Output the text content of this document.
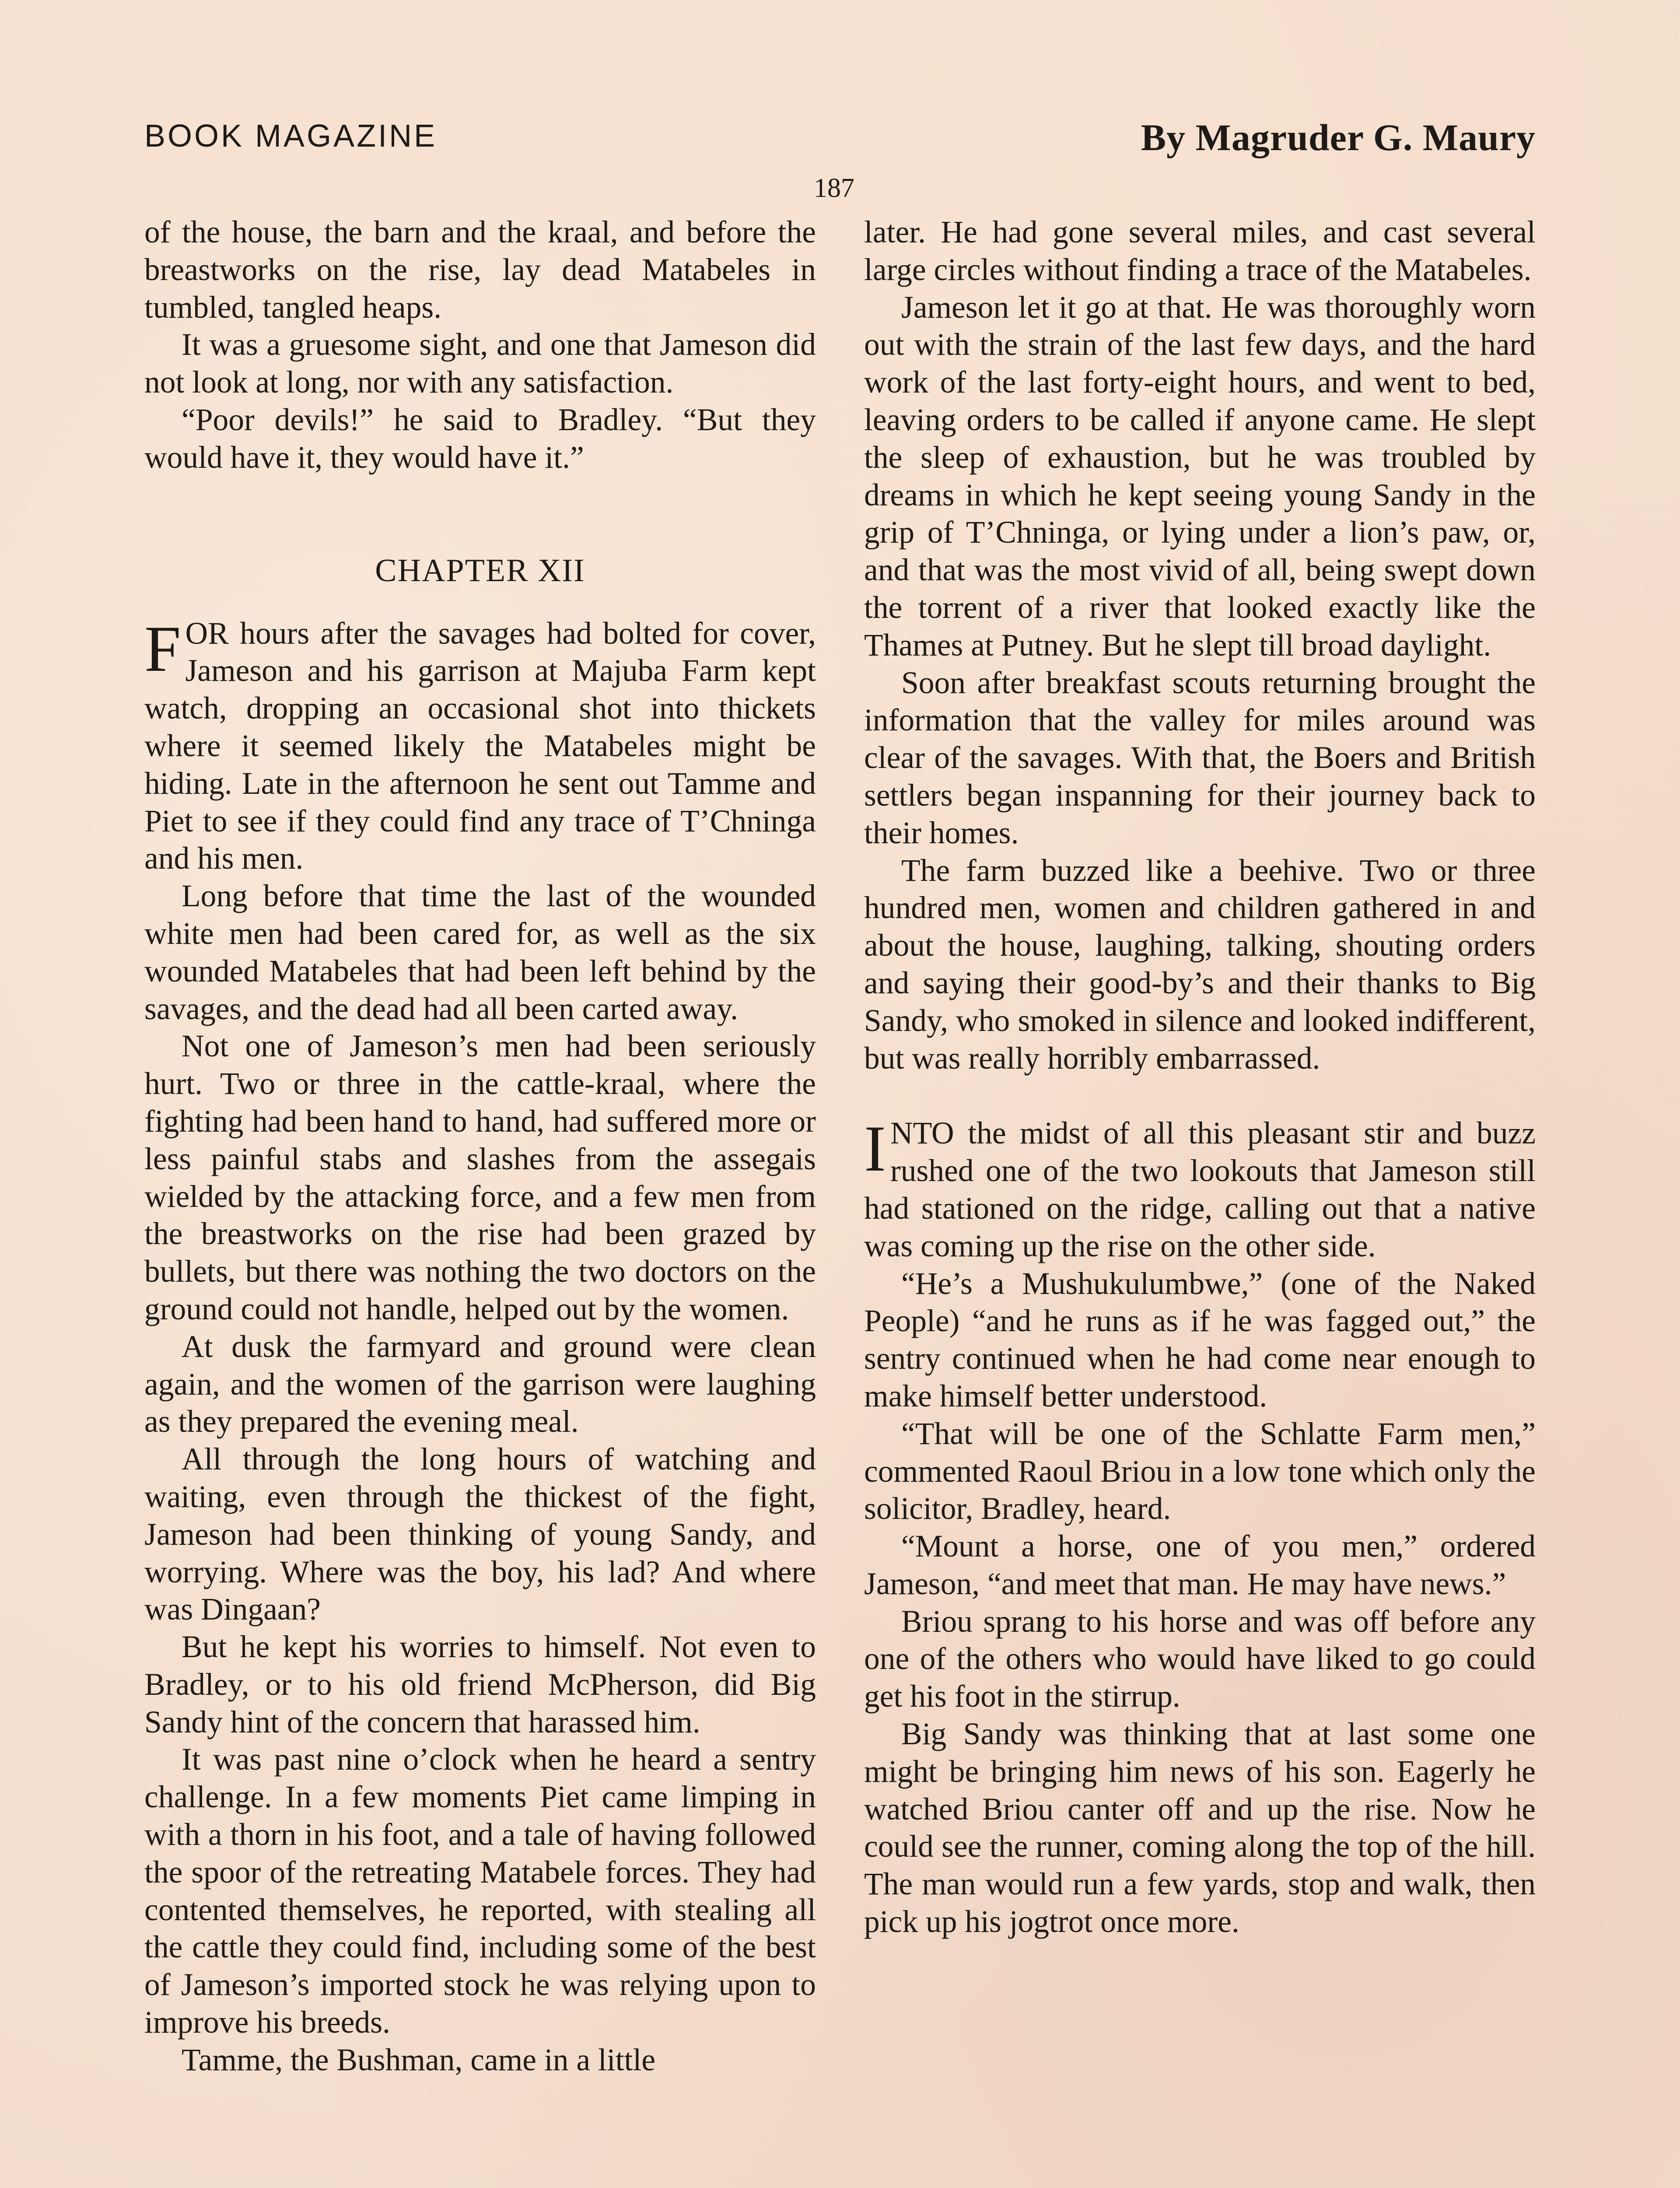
BOOK MAGAZINE	By Magruder G. Maury
187

of the house, the barn and the kraal, and before the breastworks on the rise, lay dead Matabeles in tumbled, tangled heaps.

It was a gruesome sight, and one that Jameson did not look at long, nor with any satisfaction.

“Poor devils!” he said to Bradley. “But they would have it, they would have it.”

CHAPTER XII

FOR hours after the savages had bolted for cover, Jameson and his garrison at Majuba Farm kept watch, dropping an occasional shot into thickets where it seemed likely the Matabeles might be hiding. Late in the afternoon he sent out Tamme and Piet to see if they could find any trace of T’Chninga and his men.

Long before that time the last of the wounded white men had been cared for, as well as the six wounded Matabeles that had been left behind by the savages, and the dead had all been carted away.

Not one of Jameson’s men had been seriously hurt. Two or three in the cattle-kraal, where the fighting had been hand to hand, had suffered more or less painful stabs and slashes from the assegais wielded by the attacking force, and a few men from the breastworks on the rise had been grazed by bullets, but there was nothing the two doctors on the ground could not handle, helped out by the women.

At dusk the farmyard and ground were clean again, and the women of the garrison were laughing as they prepared the evening meal.

All through the long hours of watching and waiting, even through the thickest of the fight, Jameson had been thinking of young Sandy, and worrying. Where was the boy, his lad? And where was Dingaan?

But he kept his worries to himself. Not even to Bradley, or to his old friend McPherson, did Big Sandy hint of the concern that harassed him.

It was past nine o’clock when he heard a sentry challenge. In a few moments Piet came limping in with a thorn in his foot, and a tale of having followed the spoor of the retreating Matabele forces. They had contented themselves, he reported, with stealing all the cattle they could find, including some of the best of Jameson’s imported stock he was relying upon to improve his breeds.

Tamme, the Bushman, came in a little

later. He had gone several miles, and cast several large circles without finding a trace of the Matabeles.

Jameson let it go at that. He was thoroughly worn out with the strain of the last few days, and the hard work of the last forty-eight hours, and went to bed, leaving orders to be called if anyone came. He slept the sleep of exhaustion, but he was troubled by dreams in which he kept seeing young Sandy in the grip of T’Chninga, or lying under a lion’s paw, or, and that was the most vivid of all, being swept down the torrent of a river that looked exactly like the Thames at Putney. But he slept till broad daylight.

Soon after breakfast scouts returning brought the information that the valley for miles around was clear of the savages. With that, the Boers and British settlers began inspanning for their journey back to their homes.

The farm buzzed like a beehive. Two or three hundred men, women and children gathered in and about the house, laughing, talking, shouting orders and saying their good-by’s and their thanks to Big Sandy, who smoked in silence and looked indifferent, but was really horribly embarrassed.

INTO the midst of all this pleasant stir and buzz rushed one of the two lookouts that Jameson still had stationed on the ridge, calling out that a native was coming up the rise on the other side.

“He’s a Mushukulumbwe,” (one of the Naked People) “and he runs as if he was fagged out,” the sentry continued when he had come near enough to make himself better understood.

“That will be one of the Schlatte Farm men,” commented Raoul Briou in a low tone which only the solicitor, Bradley, heard.

“Mount a horse, one of you men,” ordered Jameson, “and meet that man. He may have news.”

Briou sprang to his horse and was off before any one of the others who would have liked to go could get his foot in the stirrup.

Big Sandy was thinking that at last some one might be bringing him news of his son. Eagerly he watched Briou canter off and up the rise. Now he could see the runner, coming along the top of the hill. The man would run a few yards, stop and walk, then pick up his jogtrot once more.
